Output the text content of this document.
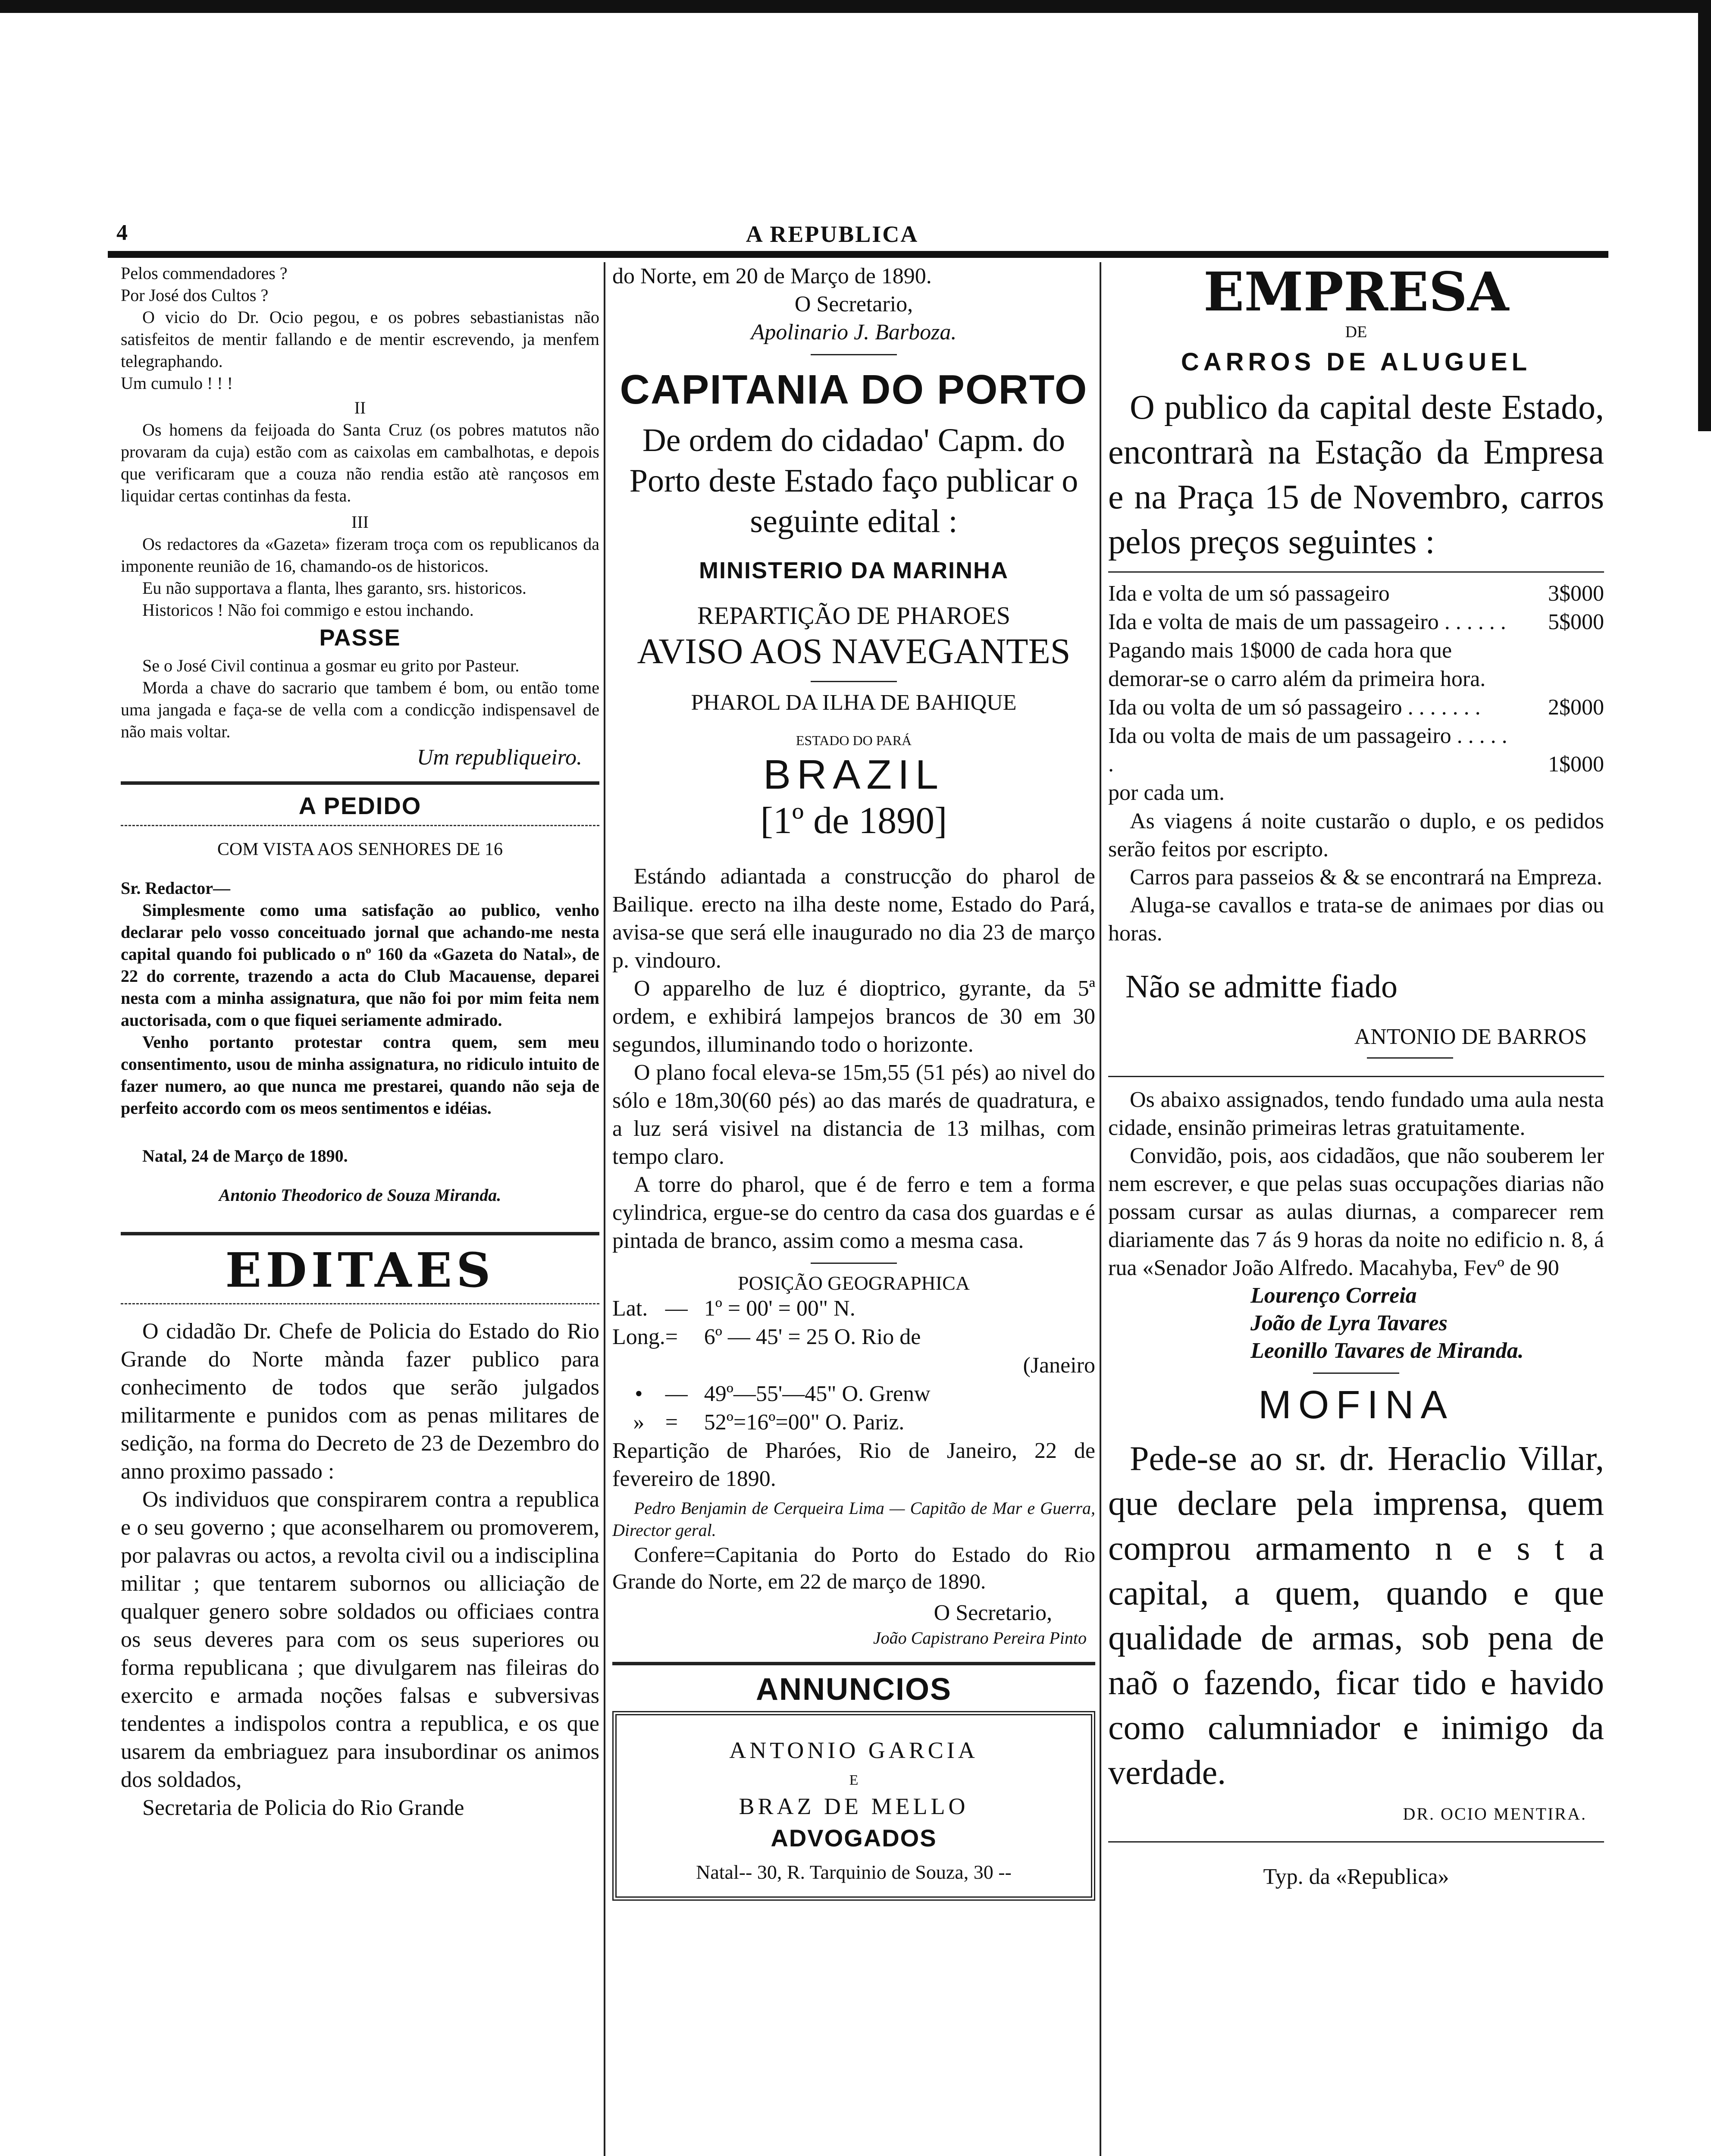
4	A REPUBLICA

Pelos commendadores ?

Por José dos Cultos ?

O vicio do Dr. Ocio pegou, e os pobres sebastianistas não satisfeitos de mentir fallando e de mentir escrevendo, ja menfem telegraphando.

Um cumulo ! ! !

II

Os homens da feijoada do Santa Cruz (os pobres matutos não provaram da cuja) estão com as caixolas em cambalhotas, e depois que verificaram que a couza não rendia estão atè rançosos em liquidar certas continhas da festa.

III

Os redactores da «Gazeta» fizeram troça com os republicanos da imponente reunião de 16, chamando-os de historicos.

Eu não supportava a flanta, lhes garanto, srs. historicos.

Historicos ! Não foi commigo e estou inchando.

PASSE

Se o José Civil continua a gosmar eu grito por Pasteur.

Morda a chave do sacrario que tambem é bom, ou então tome uma jangada e faça-se de vella com a condicção indispensavel de não mais voltar.

Um republiqueiro.

A PEDIDO

COM VISTA AOS SENHORES DE 16

Sr. Redactor—

Simplesmente como uma satisfação ao publico, venho declarar pelo vosso conceituado jornal que achando-me nesta capital quando foi publicado o nº 160 da «Gazeta do Natal», de 22 do corrente, trazendo a acta do Club Macauense, deparei nesta com a minha assignatura, que não foi por mim feita nem auctorisada, com o que fiquei seriamente admirado.

Venho portanto protestar contra quem, sem meu consentimento, usou de minha assignatura, no ridiculo intuito de fazer numero, ao que nunca me prestarei, quando não seja de perfeito accordo com os meos sentimentos e idéias.

Natal, 24 de Março de 1890.

Antonio Theodorico de Souza Miranda.

EDITAES

O cidadão Dr. Chefe de Policia do Estado do Rio Grande do Norte mànda fazer publico para conhecimento de todos que serão julgados militarmente e punidos com as penas militares de sedição, na forma do Decreto de 23 de Dezembro do anno proximo passado :

Os individuos que conspirarem contra a republica e o seu governo ; que aconselharem ou promoverem, por palavras ou actos, a revolta civil ou a indisciplina militar ; que tentarem subornos ou alliciação de qualquer genero sobre soldados ou officiaes contra os seus deveres para com os seus superiores ou forma republicana ; que divulgarem nas fileiras do exercito e armada noções falsas e subversivas tendentes a indispolos contra a republica, e os que usarem da embriaguez para insubordinar os animos dos soldados,

Secretaria de Policia do Rio Grande

do Norte, em 20 de Março de 1890.

O Secretario,

Apolinario J. Barboza.

CAPITANIA DO PORTO

De ordem do cidadao' Capm. do Porto deste Estado faço publicar o seguinte edital :

MINISTERIO DA MARINHA

REPARTIÇÃO DE PHAROES

AVISO AOS NAVEGANTES

PHAROL DA ILHA DE BAHIQUE

ESTADO DO PARÁ

BRAZIL

[1º de 1890]

Estándo adiantada a construcção do pharol de Bailique. erecto na ilha deste nome, Estado do Pará, avisa-se que será elle inaugurado no dia 23 de março p. vindouro.

O apparelho de luz é dioptrico, gyrante, da 5ª ordem, e exhibirá lampejos brancos de 30 em 30 segundos, illuminando todo o horizonte.

O plano focal eleva-se 15m,55 (51 pés) ao nivel do sólo e 18m,30(60 pés) ao das marés de quadratura, e a luz será visivel na distancia de 13 milhas, com tempo claro.

A torre do pharol, que é de ferro e tem a forma cylindrica, ergue-se do centro da casa dos guardas e é pintada de branco, assim como a mesma casa.

POSIÇÃO GEOGRAPHICA

Lat.	—	1º = 00' = 00" N.
Long.	=	6º — 45' = 25 O. Rio de
		(Janeiro
•	—	49º—55'—45" O. Grenw
»	=	52º=16º=00" O. Pariz.

Repartição de Pharóes, Rio de Janeiro, 22 de fevereiro de 1890.

Pedro Benjamin de Cerqueira Lima — Capitão de Mar e Guerra, Director geral.

Confere=Capitania do Porto do Estado do Rio Grande do Norte, em 22 de março de 1890.

O Secretario,

João Capistrano Pereira Pinto

ANNUNCIOS

ANTONIO GARCIA

E

BRAZ DE MELLO

ADVOGADOS

Natal-- 30, R. Tarquinio de Souza, 30 --

EMPRESA

DE

CARROS DE ALUGUEL

O publico da capital deste Estado, encontrarà na Estação da Empresa e na Praça 15 de Novembro, carros pelos preços seguintes :

Ida e volta de um só passageiro	3$000
Ida e volta de mais de um passageiro . . . . . .	5$000
Pagando mais 1$000 de cada hora que demorar-se o carro além da primeira hora.	
Ida ou volta de um só passageiro . . . . . . .	2$000
Ida ou volta de mais de um passageiro . . . . . .	1$000
por cada um.	

As viagens á noite custarão o duplo, e os pedidos serão feitos por escripto.

Carros para passeios & & se encontrará na Empreza.

Aluga-se cavallos e trata-se de animaes por dias ou horas.

Não se admitte fiado

ANTONIO DE BARROS

Os abaixo assignados, tendo fundado uma aula nesta cidade, ensinão primeiras letras gratuitamente.

Convidão, pois, aos cidadãos, que não souberem ler nem escrever, e que pelas suas occupações diarias não possam cursar as aulas diurnas, a comparecer rem diariamente das 7 ás 9 horas da noite no edificio n. 8, á rua «Senador João Alfredo. Macahyba, Fevº de 90

Lourenço Correia

João de Lyra Tavares

Leonillo Tavares de Miranda.

MOFINA

Pede-se ao sr. dr. Heraclio Villar, que declare pela imprensa, quem comprou armamento n e s t a capital, a quem, quando e que qualidade de armas, sob pena de naõ o fazendo, ficar tido e havido como calumniador e inimigo da verdade.

DR. OCIO MENTIRA.

Typ. da «Republica»
